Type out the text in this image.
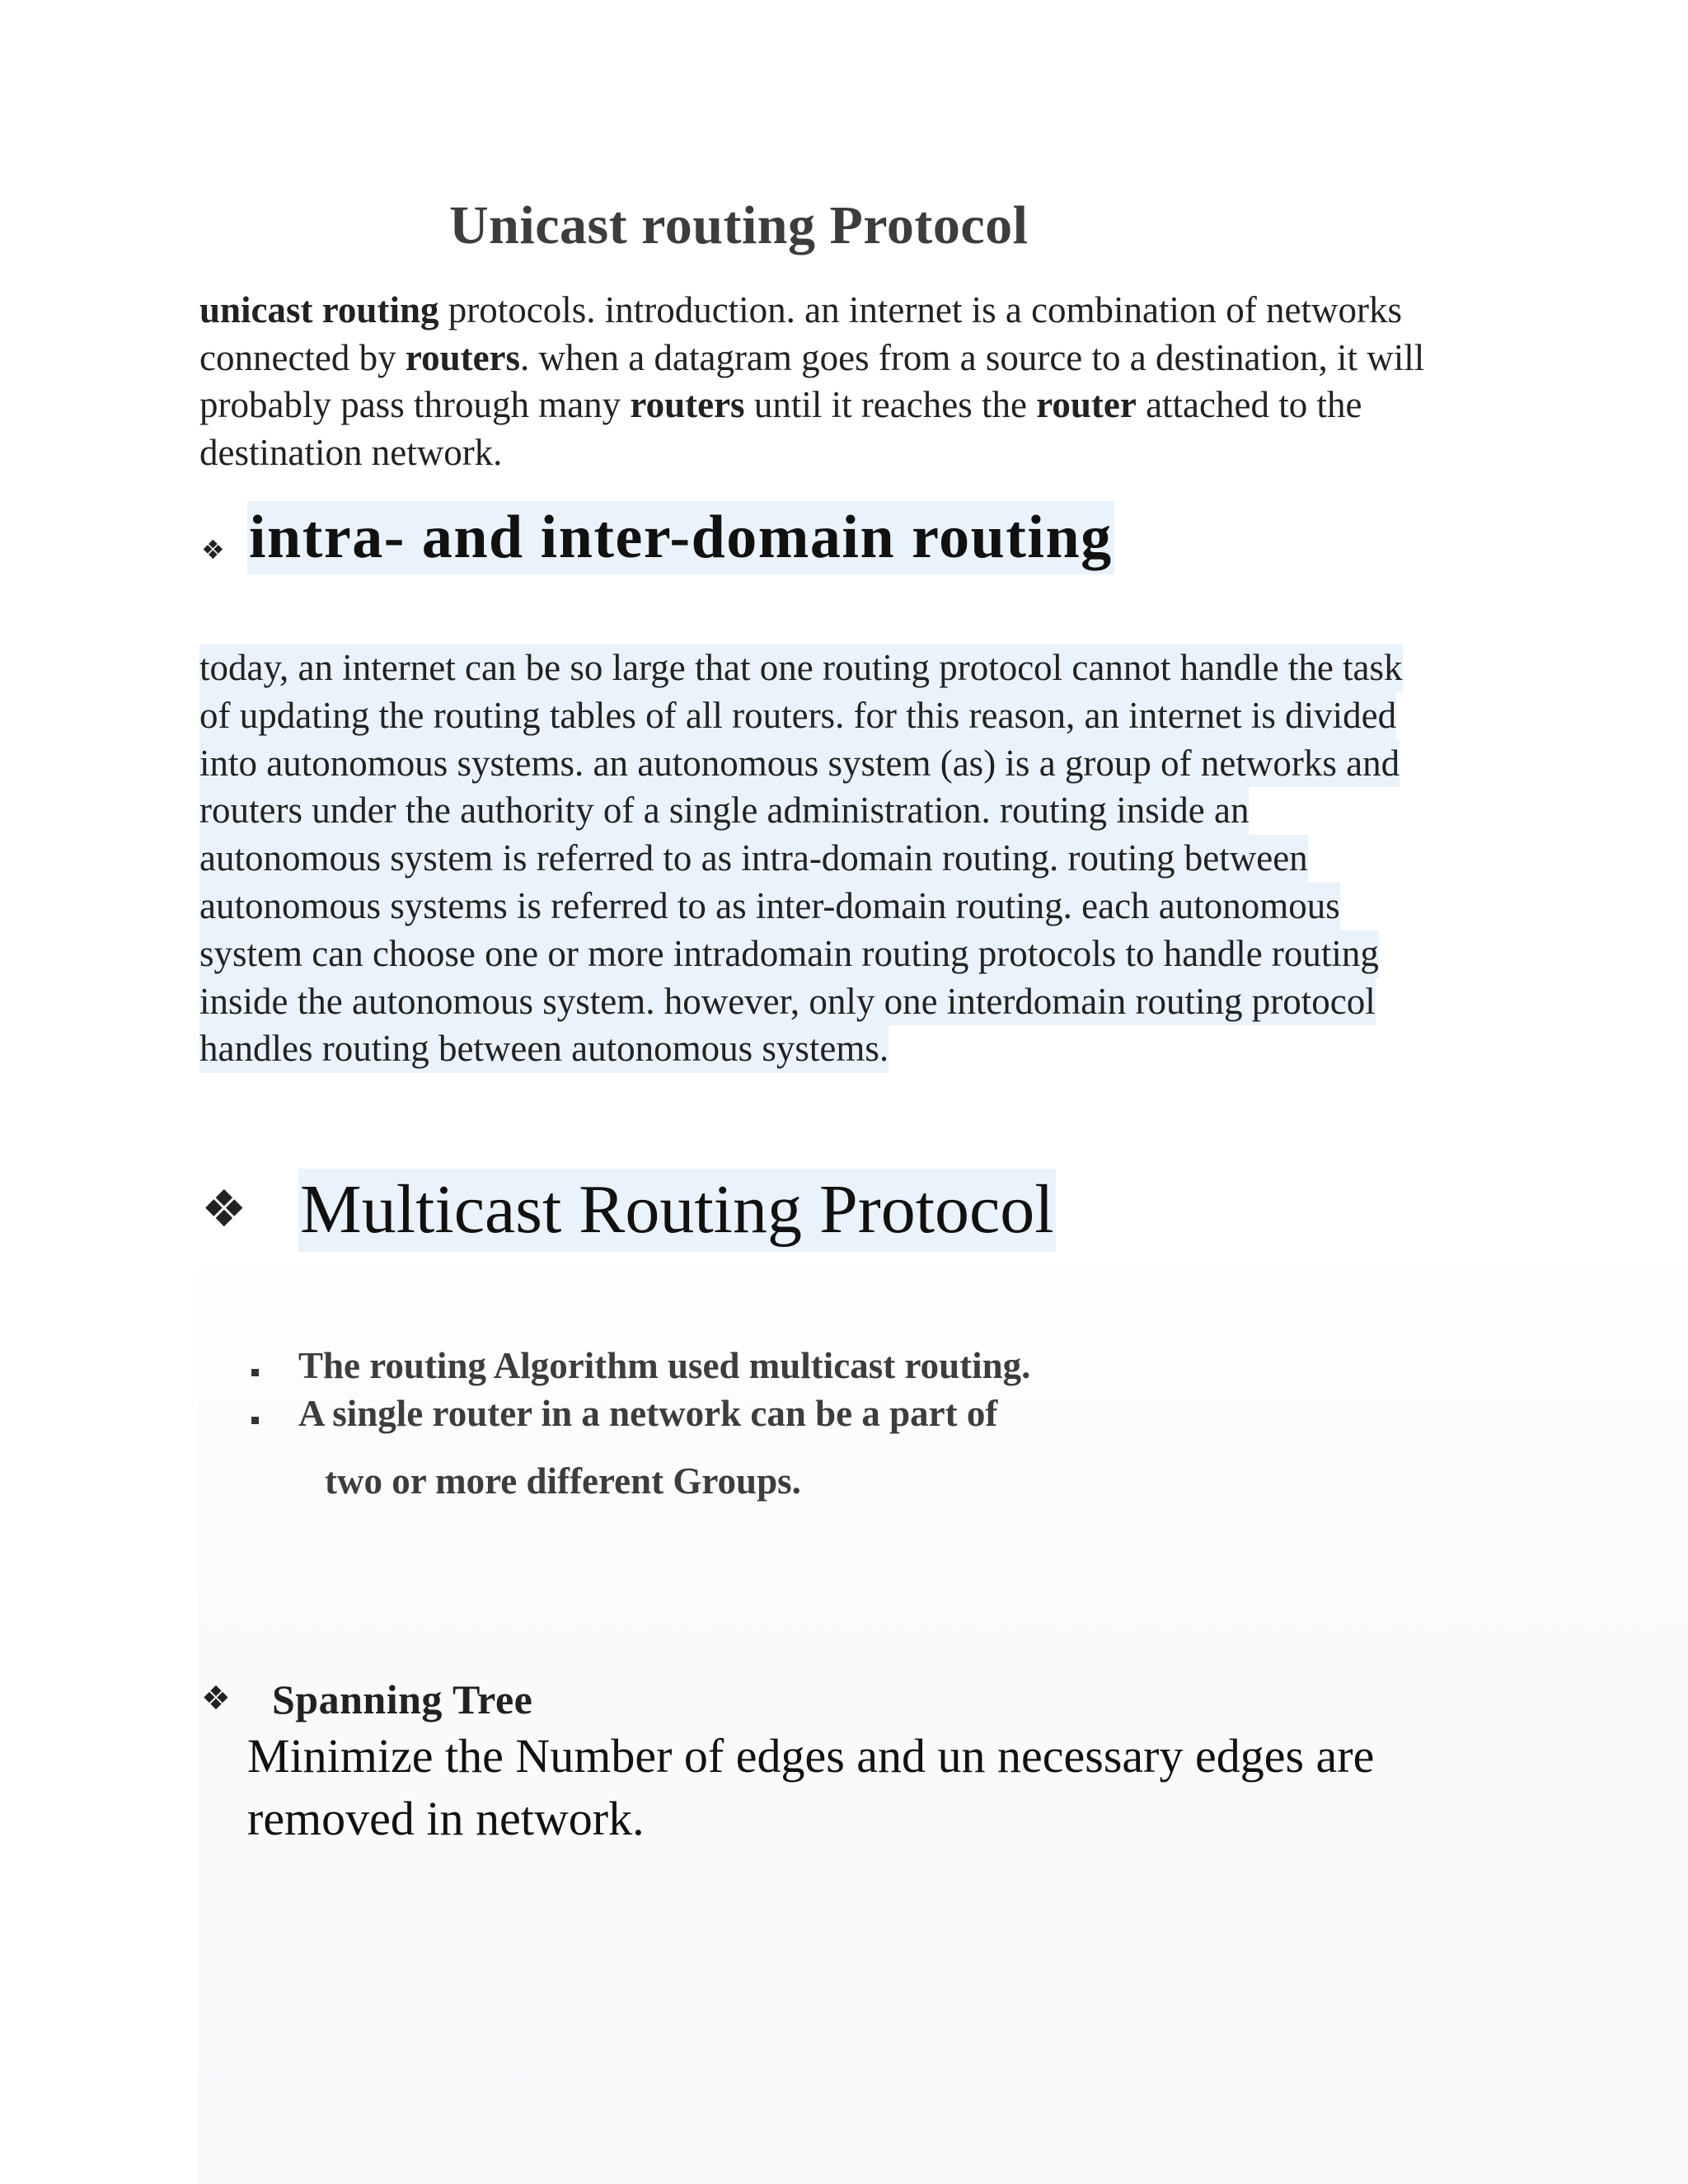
Unicast routing Protocol
unicast routing protocols. introduction. an internet is a combination of networks connected by routers. when a datagram goes from a source to a destination, it will probably pass through many routers until it reaches the router attached to the destination network.
❖ intra- and inter-domain routing
today, an internet can be so large that one routing protocol cannot handle the task
of updating the routing tables of all routers. for this reason, an internet is divided
into autonomous systems. an autonomous system (as) is a group of networks and
routers under the authority of a single administration. routing inside an
autonomous system is referred to as intra-domain routing. routing between
autonomous systems is referred to as inter-domain routing. each autonomous
system can choose one or more intradomain routing protocols to handle routing
inside the autonomous system. however, only one interdomain routing protocol
handles routing between autonomous systems.
❖ Multicast Routing Protocol
The routing Algorithm used multicast routing.
A single router in a network can be a part of
two or more different Groups.
❖ Spanning Tree
Minimize the Number of edges and un necessary edges are removed in network.
